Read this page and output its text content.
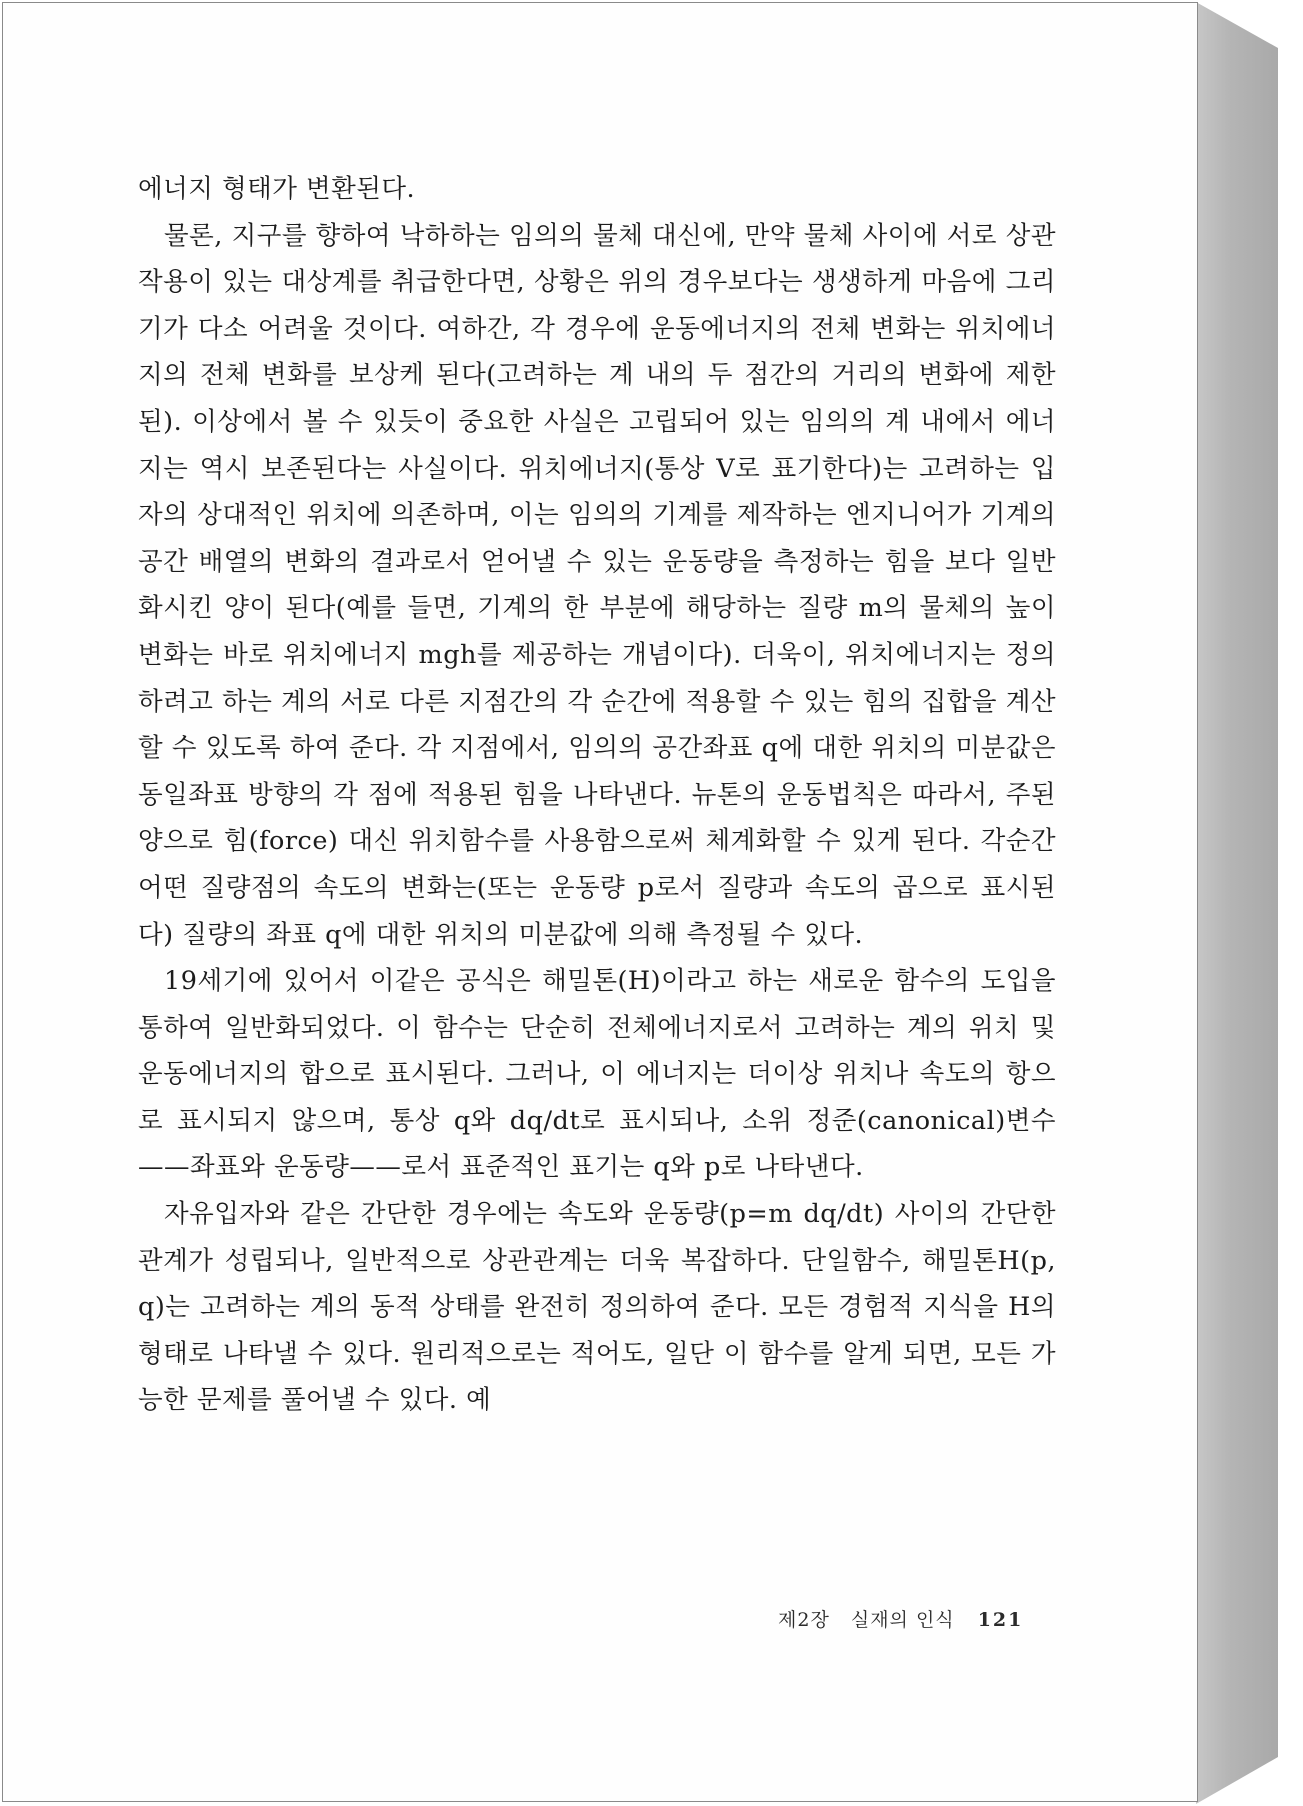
에너지 형태가 변환된다.

물론, 지구를 향하여 낙하하는 임의의 물체 대신에, 만약 물체 사이에 서로 상관작용이 있는 대상계를 취급한다면, 상황은 위의 경우보다는 생생하게 마음에 그리기가 다소 어려울 것이다. 여하간, 각 경우에 운동에너지의 전체 변화는 위치에너지의 전체 변화를 보상케 된다(고려하는 계 내의 두 점간의 거리의 변화에 제한된). 이상에서 볼 수 있듯이 중요한 사실은 고립되어 있는 임의의 계 내에서 에너지는 역시 보존된다는 사실이다. 위치에너지(통상 V로 표기한다)는 고려하는 입자의 상대적인 위치에 의존하며, 이는 임의의 기계를 제작하는 엔지니어가 기계의 공간 배열의 변화의 결과로서 얻어낼 수 있는 운동량을 측정하는 힘을 보다 일반화시킨 양이 된다(예를 들면, 기계의 한 부분에 해당하는 질량 m의 물체의 높이 변화는 바로 위치에너지 mgh를 제공하는 개념이다). 더욱이, 위치에너지는 정의하려고 하는 계의 서로 다른 지점간의 각 순간에 적용할 수 있는 힘의 집합을 계산할 수 있도록 하여 준다. 각 지점에서, 임의의 공간좌표 q에 대한 위치의 미분값은 동일좌표 방향의 각 점에 적용된 힘을 나타낸다. 뉴톤의 운동법칙은 따라서, 주된 양으로 힘(force) 대신 위치함수를 사용함으로써 체계화할 수 있게 된다. 각순간 어떤 질량점의 속도의 변화는(또는 운동량 p로서 질량과 속도의 곱으로 표시된다) 질량의 좌표 q에 대한 위치의 미분값에 의해 측정될 수 있다.

19세기에 있어서 이같은 공식은 해밀톤(H)이라고 하는 새로운 함수의 도입을 통하여 일반화되었다. 이 함수는 단순히 전체에너지로서 고려하는 계의 위치 및 운동에너지의 합으로 표시된다. 그러나, 이 에너지는 더이상 위치나 속도의 항으로 표시되지 않으며, 통상 q와 dq/dt로 표시되나, 소위 정준(canonical)변수——좌표와 운동량——로서 표준적인 표기는 q와 p로 나타낸다.

자유입자와 같은 간단한 경우에는 속도와 운동량(p=m dq/dt) 사이의 간단한 관계가 성립되나, 일반적으로 상관관계는 더욱 복잡하다. 단일함수, 해밀톤H(p, q)는 고려하는 계의 동적 상태를 완전히 정의하여 준다. 모든 경험적 지식을 H의 형태로 나타낼 수 있다. 원리적으로는 적어도, 일단 이 함수를 알게 되면, 모든 가능한 문제를 풀어낼 수 있다. 예

제2장 실재의 인식 121
